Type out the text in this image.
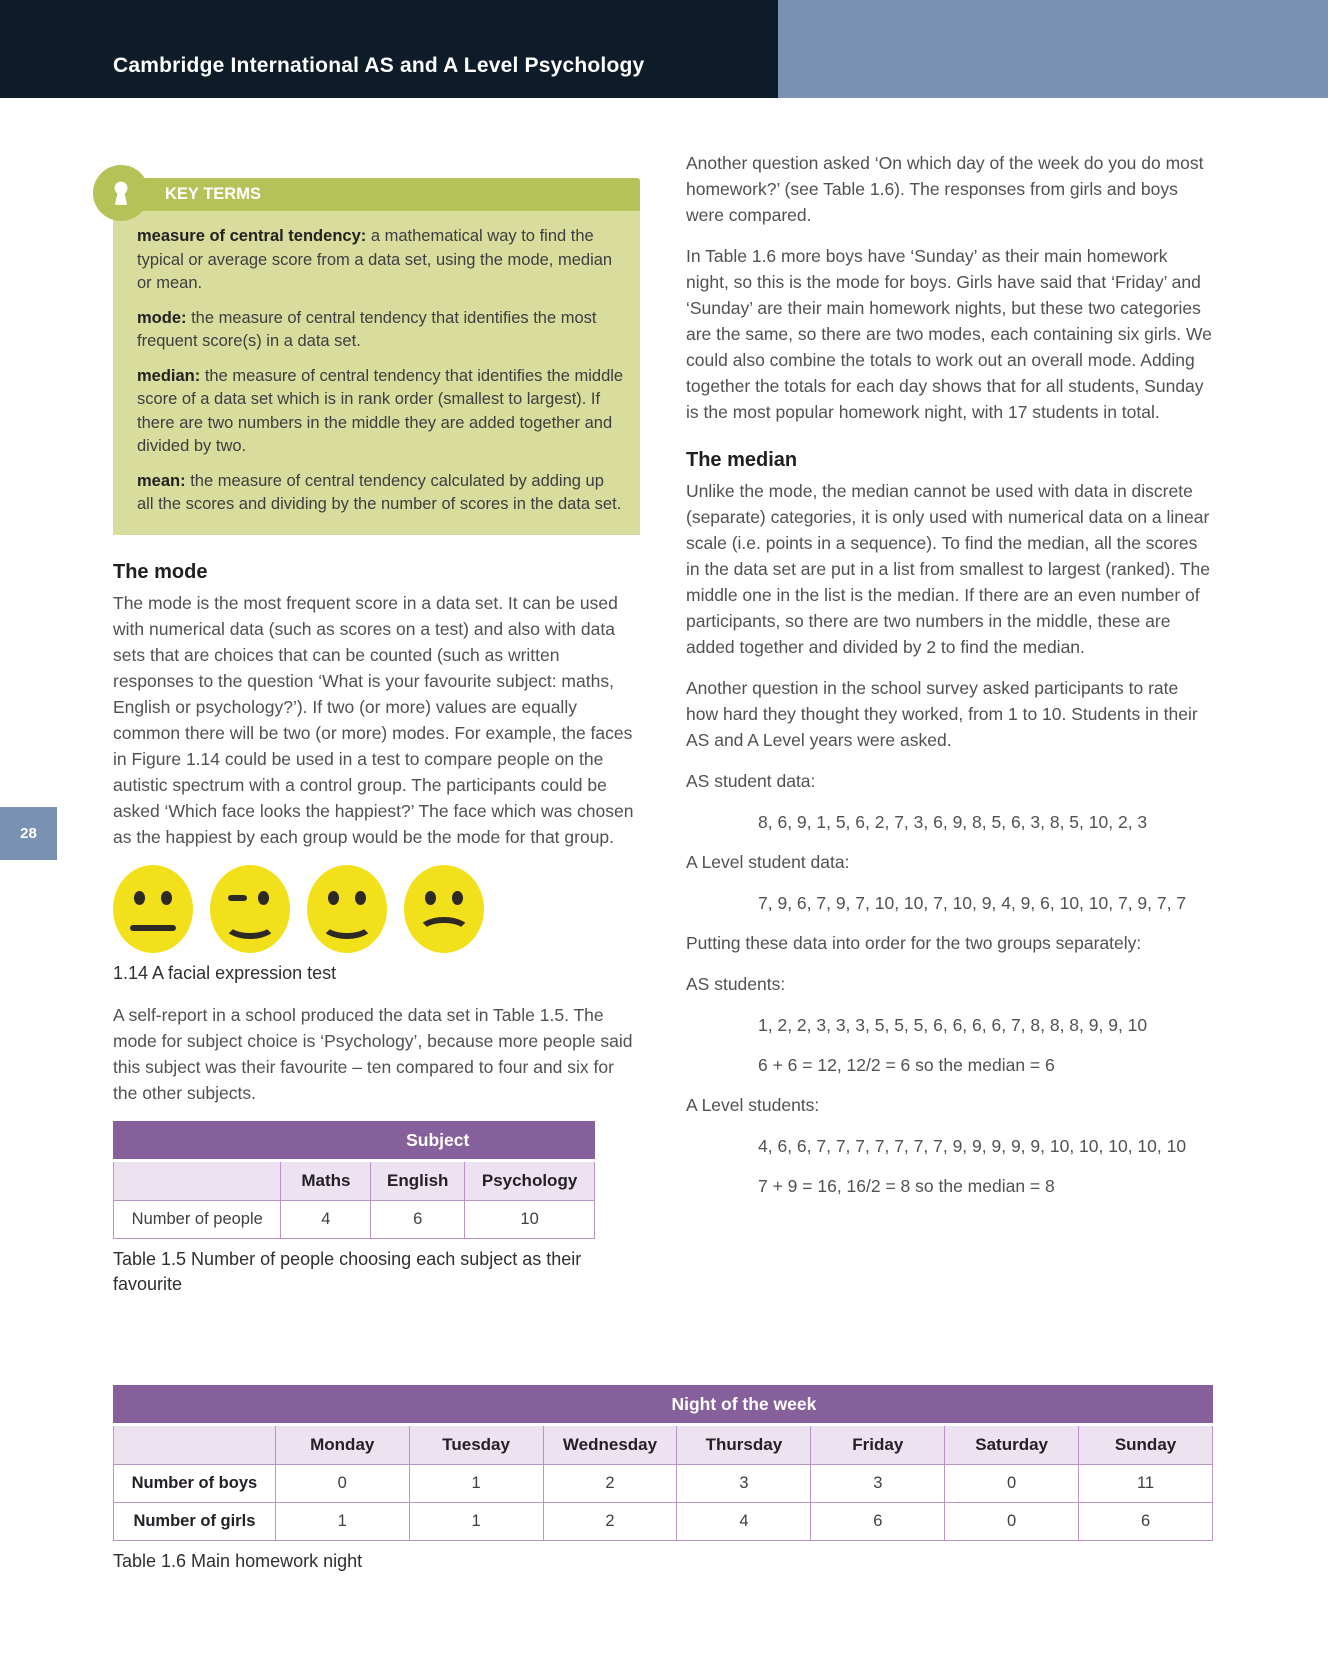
Cambridge International AS and A Level Psychology
28
KEY TERMS

measure of central tendency: a mathematical way to find the typical or average score from a data set, using the mode, median or mean.

mode: the measure of central tendency that identifies the most frequent score(s) in a data set.

median: the measure of central tendency that identifies the middle score of a data set which is in rank order (smallest to largest). If there are two numbers in the middle they are added together and divided by two.

mean: the measure of central tendency calculated by adding up all the scores and dividing by the number of scores in the data set.

The mode

The mode is the most frequent score in a data set. It can be used with numerical data (such as scores on a test) and also with data sets that are choices that can be counted (such as written responses to the question ‘What is your favourite subject: maths, English or psychology?’). If two (or more) values are equally common there will be two (or more) modes. For example, the faces in Figure 1.14 could be used in a test to compare people on the autistic spectrum with a control group. The participants could be asked ‘Which face looks the happiest?’ The face which was chosen as the happiest by each group would be the mode for that group.

1.14 A facial expression test

A self-report in a school produced the data set in Table 1.5. The mode for subject choice is ‘Psychology’, because more people said this subject was their favourite – ten compared to four and six for the other subjects.

	Subject		
	Maths	English	Psychology
Number of people	4	6	10

Table 1.5 Number of people choosing each subject as their favourite

Another question asked ‘On which day of the week do you do most homework?’ (see Table 1.6). The responses from girls and boys were compared.

In Table 1.6 more boys have ‘Sunday’ as their main homework night, so this is the mode for boys. Girls have said that ‘Friday’ and ‘Sunday’ are their main homework nights, but these two categories are the same, so there are two modes, each containing six girls. We could also combine the totals to work out an overall mode. Adding together the totals for each day shows that for all students, Sunday is the most popular homework night, with 17 students in total.

The median

Unlike the mode, the median cannot be used with data in discrete (separate) categories, it is only used with numerical data on a linear scale (i.e. points in a sequence). To find the median, all the scores in the data set are put in a list from smallest to largest (ranked). The middle one in the list is the median. If there are an even number of participants, so there are two numbers in the middle, these are added together and divided by 2 to find the median.

Another question in the school survey asked participants to rate how hard they thought they worked, from 1 to 10. Students in their AS and A Level years were asked.

AS student data:

8, 6, 9, 1, 5, 6, 2, 7, 3, 6, 9, 8, 5, 6, 3, 8, 5, 10, 2, 3

A Level student data:

7, 9, 6, 7, 9, 7, 10, 10, 7, 10, 9, 4, 9, 6, 10, 10, 7, 9, 7, 7

Putting these data into order for the two groups separately:

AS students:

1, 2, 2, 3, 3, 3, 5, 5, 5, 6, 6, 6, 6, 7, 8, 8, 8, 9, 9, 10

6 + 6 = 12, 12/2 = 6 so the median = 6

A Level students:

4, 6, 6, 7, 7, 7, 7, 7, 7, 7, 9, 9, 9, 9, 9, 10, 10, 10, 10, 10

7 + 9 = 16, 16/2 = 8 so the median = 8

	Night of the week						
	Monday	Tuesday	Wednesday	Thursday	Friday	Saturday	Sunday
Number of boys	0	1	2	3	3	0	11
Number of girls	1	1	2	4	6	0	6

Table 1.6 Main homework night
